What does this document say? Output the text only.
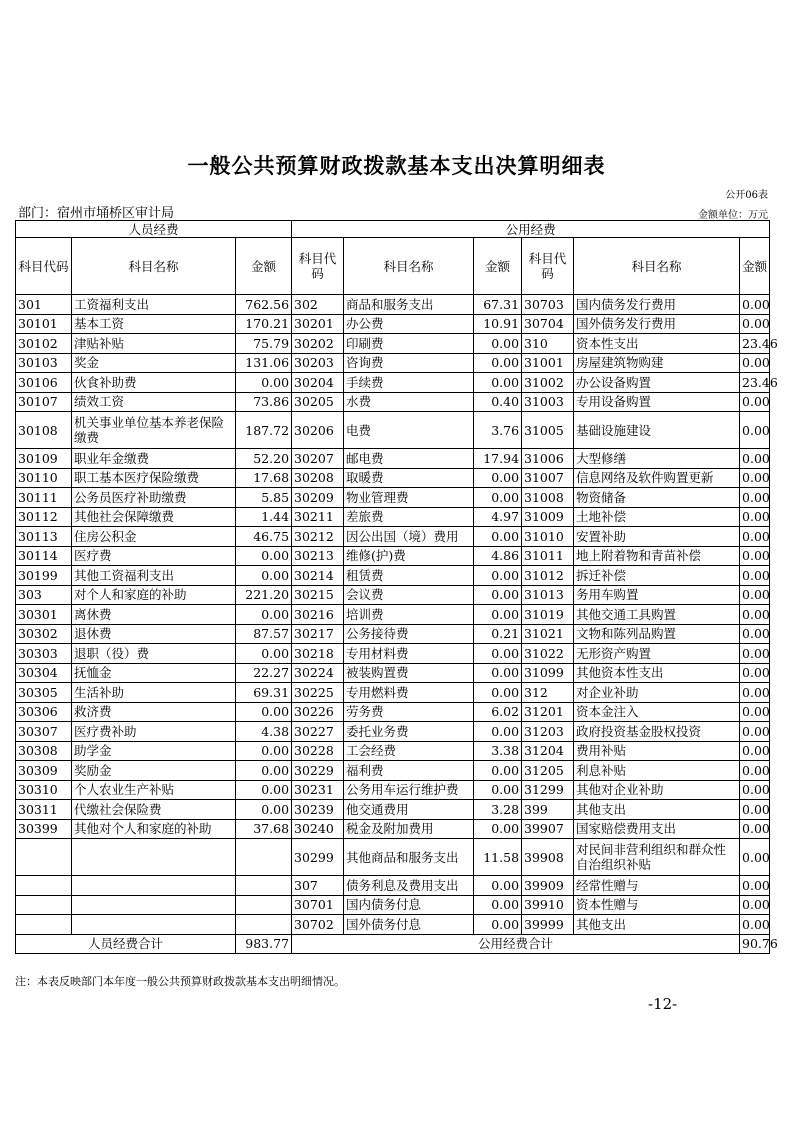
一般公共预算财政拨款基本支出决算明细表
公开06表
部门：宿州市埇桥区审计局	金额单位：万元
人员经费			公用经费					
科目代码	科目名称	金额	科目代码	科目名称	金额	科目代码	科目名称	金额
301	工资福利支出	762.56	302	商品和服务支出	67.31	30703	国内债务发行费用	0.00
30101	基本工资	170.21	30201	办公费	10.91	30704	国外债务发行费用	0.00
30102	津贴补贴	75.79	30202	印刷费	0.00	310	资本性支出	23.46
30103	奖金	131.06	30203	咨询费	0.00	31001	房屋建筑物购建	0.00
30106	伙食补助费	0.00	30204	手续费	0.00	31002	办公设备购置	23.46
30107	绩效工资	73.86	30205	水费	0.40	31003	专用设备购置	0.00
30108	机关事业单位基本养老保险缴费	187.72	30206	电费	3.76	31005	基础设施建设	0.00
30109	职业年金缴费	52.20	30207	邮电费	17.94	31006	大型修缮	0.00
30110	职工基本医疗保险缴费	17.68	30208	取暖费	0.00	31007	信息网络及软件购置更新	0.00
30111	公务员医疗补助缴费	5.85	30209	物业管理费	0.00	31008	物资储备	0.00
30112	其他社会保障缴费	1.44	30211	差旅费	4.97	31009	土地补偿	0.00
30113	住房公积金	46.75	30212	因公出国（境）费用	0.00	31010	安置补助	0.00
30114	医疗费	0.00	30213	维修(护)费	4.86	31011	地上附着物和青苗补偿	0.00
30199	其他工资福利支出	0.00	30214	租赁费	0.00	31012	拆迁补偿	0.00
303	对个人和家庭的补助	221.20	30215	会议费	0.00	31013	务用车购置	0.00
30301	离休费	0.00	30216	培训费	0.00	31019	其他交通工具购置	0.00
30302	退休费	87.57	30217	公务接待费	0.21	31021	文物和陈列品购置	0.00
30303	退职（役）费	0.00	30218	专用材料费	0.00	31022	无形资产购置	0.00
30304	抚恤金	22.27	30224	被装购置费	0.00	31099	其他资本性支出	0.00
30305	生活补助	69.31	30225	专用燃料费	0.00	312	对企业补助	0.00
30306	救济费	0.00	30226	劳务费	6.02	31201	资本金注入	0.00
30307	医疗费补助	4.38	30227	委托业务费	0.00	31203	政府投资基金股权投资	0.00
30308	助学金	0.00	30228	工会经费	3.38	31204	费用补贴	0.00
30309	奖励金	0.00	30229	福利费	0.00	31205	利息补贴	0.00
30310	个人农业生产补贴	0.00	30231	公务用车运行维护费	0.00	31299	其他对企业补助	0.00
30311	代缴社会保险费	0.00	30239	他交通费用	3.28	399	其他支出	0.00
30399	其他对个人和家庭的补助	37.68	30240	税金及附加费用	0.00	39907	国家赔偿费用支出	0.00
			30299	其他商品和服务支出	11.58	39908	对民间非营利组织和群众性自治组织补贴	0.00
			307	债务利息及费用支出	0.00	39909	经常性赠与	0.00
			30701	国内债务付息	0.00	39910	资本性赠与	0.00
			30702	国外债务付息	0.00	39999	其他支出	0.00
人员经费合计		983.77	公用经费合计					90.76
注：本表反映部门本年度一般公共预算财政拨款基本支出明细情况。
-12-
